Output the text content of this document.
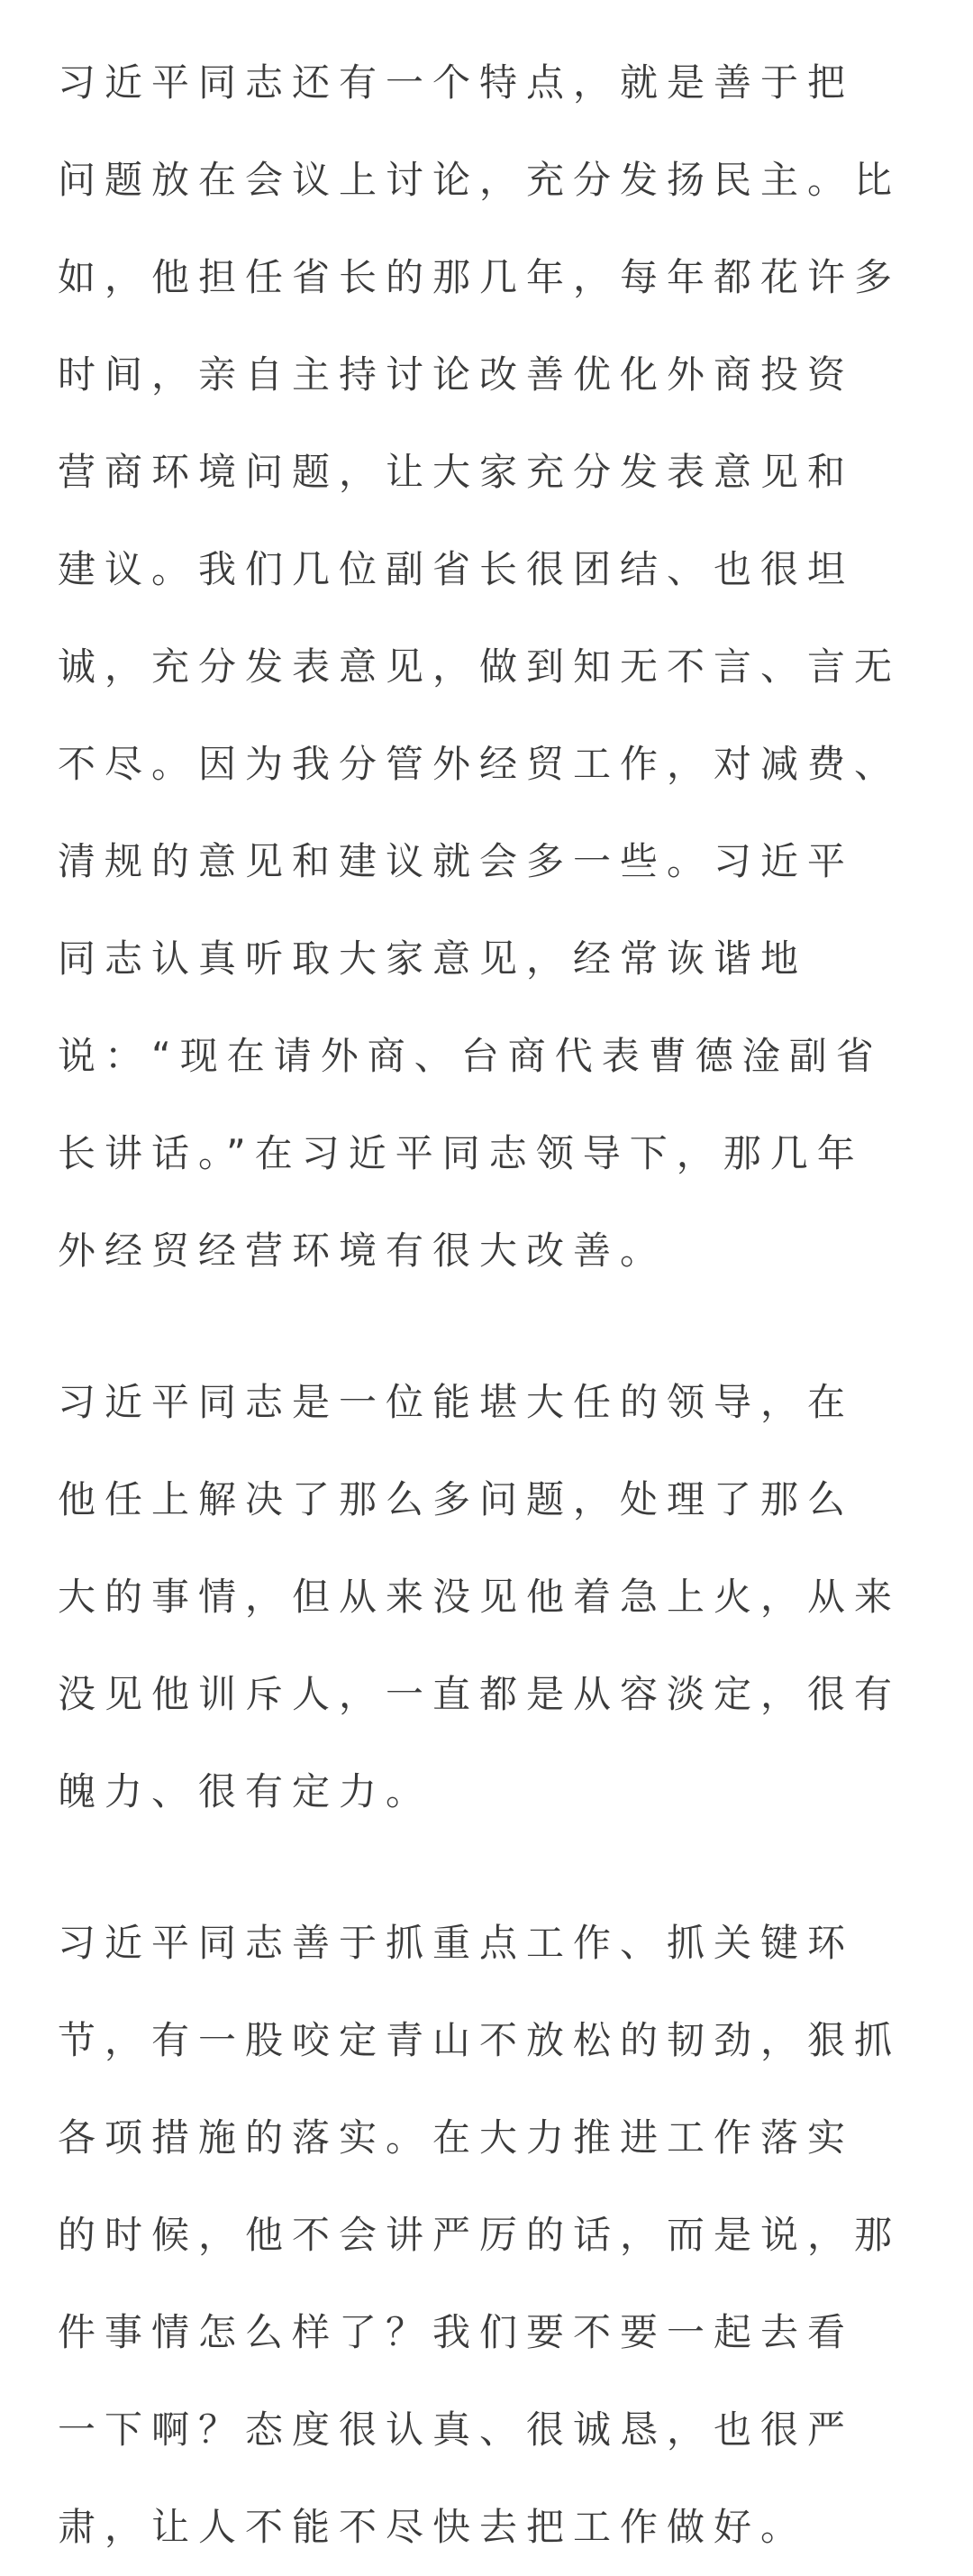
习近平同志还有一个特点，就是善于把
问题放在会议上讨论，充分发扬民主。比
如，他担任省长的那几年，每年都花许多
时间，亲自主持讨论改善优化外商投资
营商环境问题，让大家充分发表意见和
建议。我们几位副省长很团结、也很坦
诚，充分发表意见，做到知无不言、言无
不尽。因为我分管外经贸工作，对减费、
清规的意见和建议就会多一些。习近平
同志认真听取大家意见，经常诙谐地
说：“现在请外商、台商代表曹德淦副省
长讲话。”在习近平同志领导下，那几年
外经贸经营环境有很大改善。

习近平同志是一位能堪大任的领导，在
他任上解决了那么多问题，处理了那么
大的事情，但从来没见他着急上火，从来
没见他训斥人，一直都是从容淡定，很有
魄力、很有定力。

习近平同志善于抓重点工作、抓关键环
节，有一股咬定青山不放松的韧劲，狠抓
各项措施的落实。在大力推进工作落实
的时候，他不会讲严厉的话，而是说，那
件事情怎么样了？我们要不要一起去看
一下啊？态度很认真、很诚恳，也很严
肃，让人不能不尽快去把工作做好。
